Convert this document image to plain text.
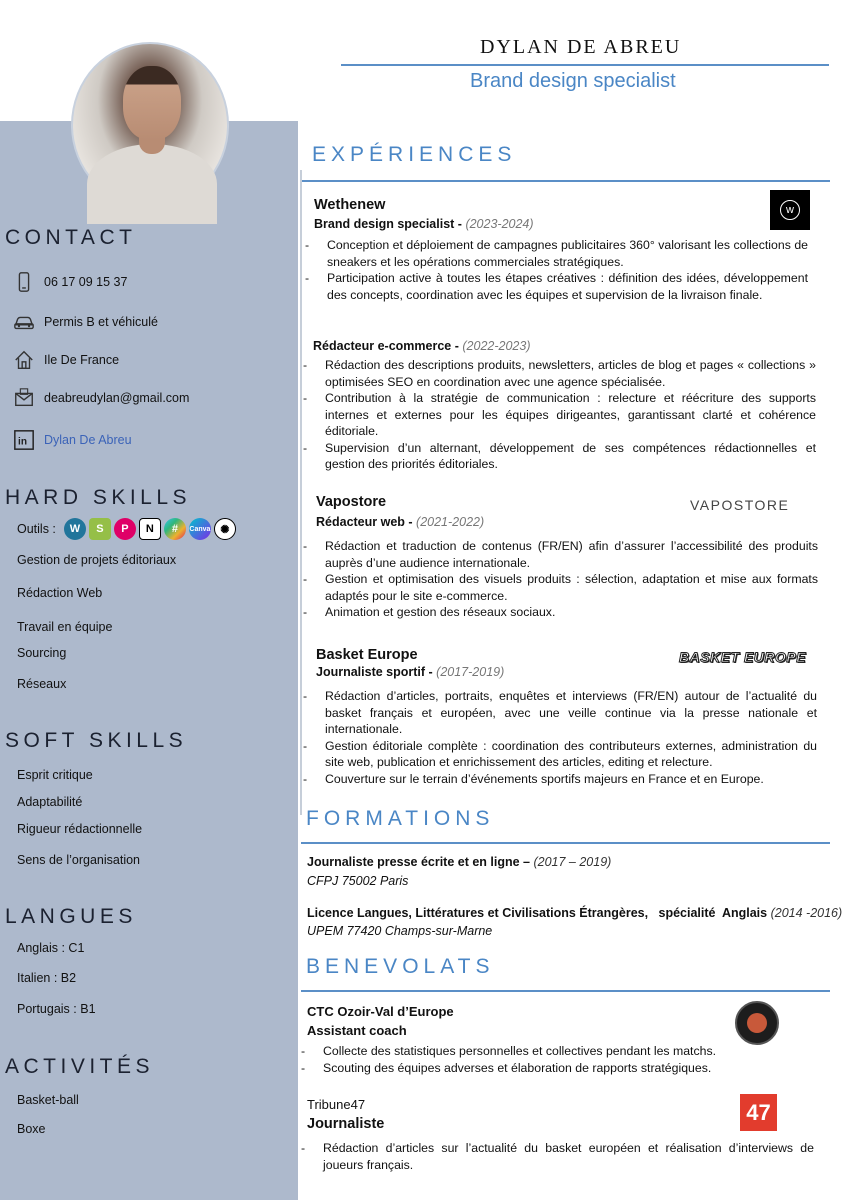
CONTACT
06 17 09 15 37
Permis B et véhiculé
Ile De France
deabreudylan@gmail.com
in Dylan De Abreu
HARD SKILLS
Outils :	W	S	P	N	#	Canva ✺
Gestion de projets éditoriaux
Rédaction Web
Travail en équipe
Sourcing
Réseaux
SOFT SKILLS
Esprit critique
Adaptabilité
Rigueur rédactionnelle
Sens de l’organisation
LANGUES
Anglais : C1
Italien : B2
Portugais : B1
ACTIVITÉS
Basket-ball
Boxe
DYLAN DE ABREU
Brand design specialist
EXPÉRIENCES
Wethenew
Brand design specialist - (2023-2024)
w
- Conception et déploiement de campagnes publicitaires 360° valorisant les collections de sneakers et les opérations commerciales stratégiques.
- Participation active à toutes les étapes créatives : définition des idées, développement des concepts, coordination avec les équipes et supervision de la livraison finale.
Rédacteur e-commerce - (2022-2023)
- Rédaction des descriptions produits, newsletters, articles de blog et pages « collections » optimisées SEO en coordination avec une agence spécialisée.
- Contribution à la stratégie de communication : relecture et réécriture des supports internes et externes pour les équipes dirigeantes, garantissant clarté et cohérence éditoriale.
- Supervision d’un alternant, développement de ses compétences rédactionnelles et gestion des priorités éditoriales.
Vapostore
Rédacteur web - (2021-2022)
VAPOSTORE
- Rédaction et traduction de contenus (FR/EN) afin d’assurer l’accessibilité des produits auprès d’une audience internationale.
- Gestion et optimisation des visuels produits : sélection, adaptation et mise aux formats adaptés pour le site e-commerce.
- Animation et gestion des réseaux sociaux.
Basket Europe
Journaliste sportif - (2017-2019)
BASKET EUROPE
- Rédaction d’articles, portraits, enquêtes et interviews (FR/EN) autour de l’actualité du basket français et européen, avec une veille continue via la presse nationale et internationale.
- Gestion éditoriale complète : coordination des contributeurs externes, administration du site web, publication et enrichissement des articles, editing et relecture.
- Couverture sur le terrain d’événements sportifs majeurs en France et en Europe.
FORMATIONS
Journaliste presse écrite et en ligne – (2017 – 2019)
CFPJ 75002 Paris
Licence Langues, Littératures et Civilisations Étrangères,   spécialité  Anglais (2014 -2016)
UPEM 77420 Champs-sur-Marne
BENEVOLATS
CTC Ozoir-Val d’Europe
Assistant coach
- Collecte des statistiques personnelles et collectives pendant les matchs.
- Scouting des équipes adverses et élaboration de rapports stratégiques.
Tribune47
Journaliste	47
- Rédaction d’articles sur l’actualité du basket européen et réalisation d’interviews de joueurs français.
